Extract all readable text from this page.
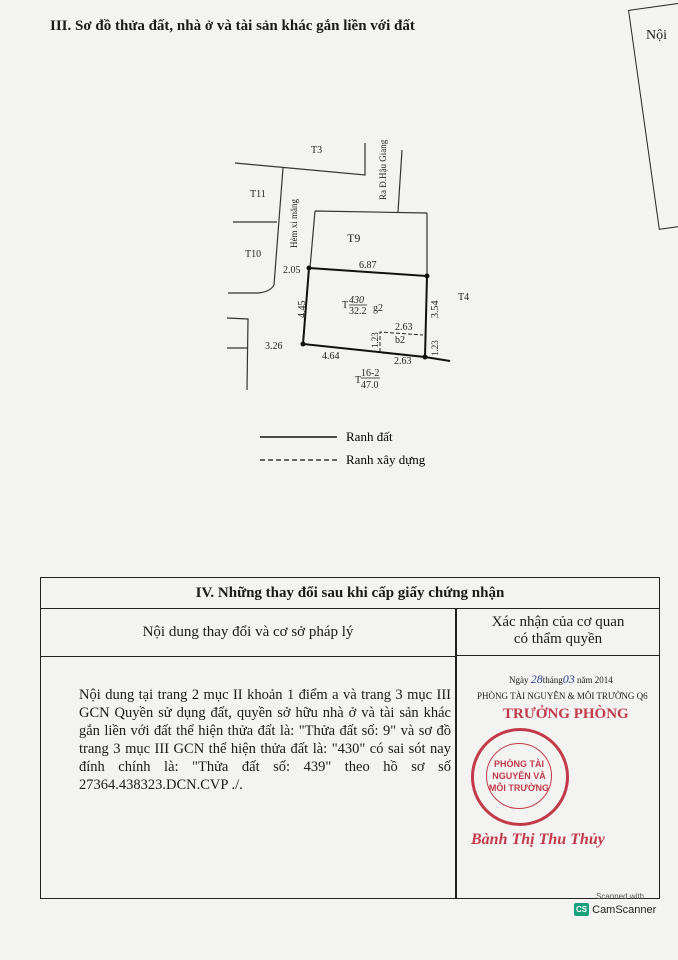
III. Sơ đồ thửa đất, nhà ở và tài sản khác gắn liền với đất
Nội
T3
T11
T10
T9
T4
Hẻm xi măng
Ra Đ.Hậu Giang
T 430
32.2 g2
b2
T
16-2
47.0
2.05	6.87
4.45	3.54
2.63
1.23
1.23
3.26
4.64	2.63
Ranh đất
Ranh xây dựng
IV. Những thay đổi sau khi cấp giấy chứng nhận
Nội dung thay đổi và cơ sở pháp lý
Xác nhận của cơ quan
có thẩm quyền
Nội dung tại trang 2 mục II khoản 1 điểm a và trang 3 mục III GCN Quyền sử dụng đất, quyền sở hữu nhà ở và tài sản khác gắn liền với đất thể hiện thửa đất là: "Thửa đất số: 9" và sơ đồ trang 3 mục III GCN thể hiện thửa đất là: "430" có sai sót nay đính chính là: "Thửa đất số: 439" theo hồ sơ số 27364.438323.DCN.CVP ./.
Ngày 28tháng03 năm 2014
PHÒNG TÀI NGUYÊN & MÔI TRƯỜNG Q6
TRƯỞNG PHÒNG
PHÒNG TÀI NGUYÊN VÀ MÔI TRƯỜNG
Bành Thị Thu Thủy
Scanned with
CS CamScanner
